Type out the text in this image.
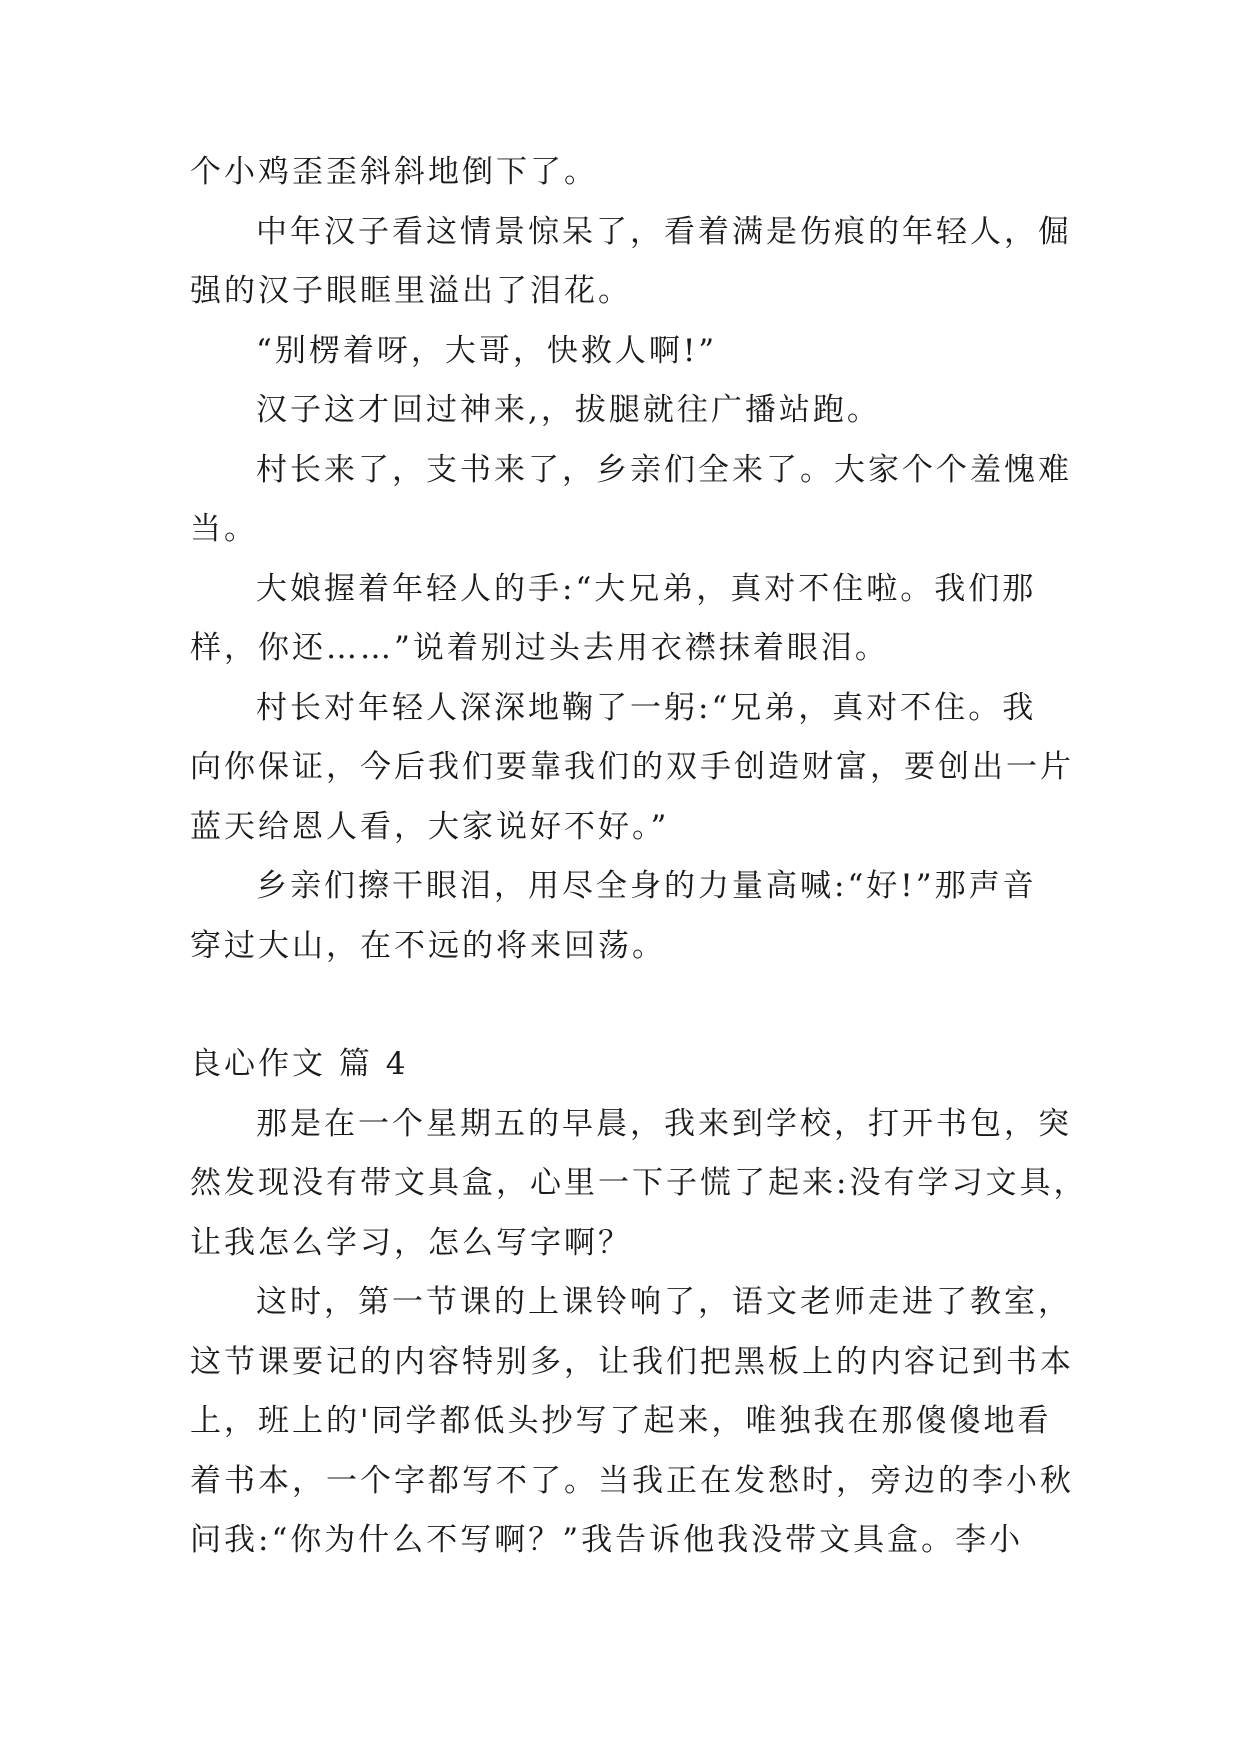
个小鸡歪歪斜斜地倒下了。
中年汉子看这情景惊呆了，看着满是伤痕的年轻人，倔
强的汉子眼眶里溢出了泪花。
“别楞着呀，大哥，快救人啊!”
汉子这才回过神来,，拔腿就往广播站跑。
村长来了，支书来了，乡亲们全来了。大家个个羞愧难
当。
大娘握着年轻人的手:“大兄弟，真对不住啦。我们那
样，你还……”说着别过头去用衣襟抹着眼泪。
村长对年轻人深深地鞠了一躬:“兄弟，真对不住。我
向你保证，今后我们要靠我们的双手创造财富，要创出一片
蓝天给恩人看，大家说好不好。”
乡亲们擦干眼泪，用尽全身的力量高喊:“好!”那声音
穿过大山，在不远的将来回荡。
良心作文 篇 4
那是在一个星期五的早晨，我来到学校，打开书包，突
然发现没有带文具盒，心里一下子慌了起来:没有学习文具，
让我怎么学习，怎么写字啊？
这时，第一节课的上课铃响了，语文老师走进了教室，
这节课要记的内容特别多，让我们把黑板上的内容记到书本
上，班上的'同学都低头抄写了起来，唯独我在那傻傻地看
着书本，一个字都写不了。当我正在发愁时，旁边的李小秋
问我:“你为什么不写啊？”我告诉他我没带文具盒。李小
